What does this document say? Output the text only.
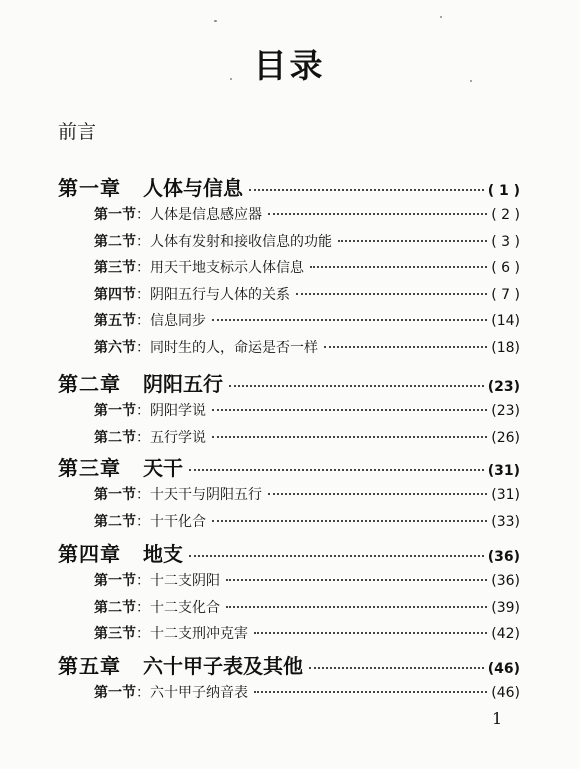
目录
前言
第一章 人体与信息	( 1 )
第一节：人体是信息感应器	( 2 )
第二节：人体有发射和接收信息的功能	( 3 )
第三节：用天干地支标示人体信息	( 6 )
第四节：阴阳五行与人体的关系	( 7 )
第五节：信息同步	(14)
第六节：同时生的人，命运是否一样	(18)
第二章 阴阳五行	(23)
第一节：阴阳学说	(23)
第二节：五行学说	(26)
第三章 天干	(31)
第一节：十天干与阴阳五行	(31)
第二节：十干化合	(33)
第四章 地支	(36)
第一节：十二支阴阳	(36)
第二节：十二支化合	(39)
第三节：十二支刑冲克害	(42)
第五章 六十甲子表及其他	(46)
第一节：六十甲子纳音表	(46)
1
